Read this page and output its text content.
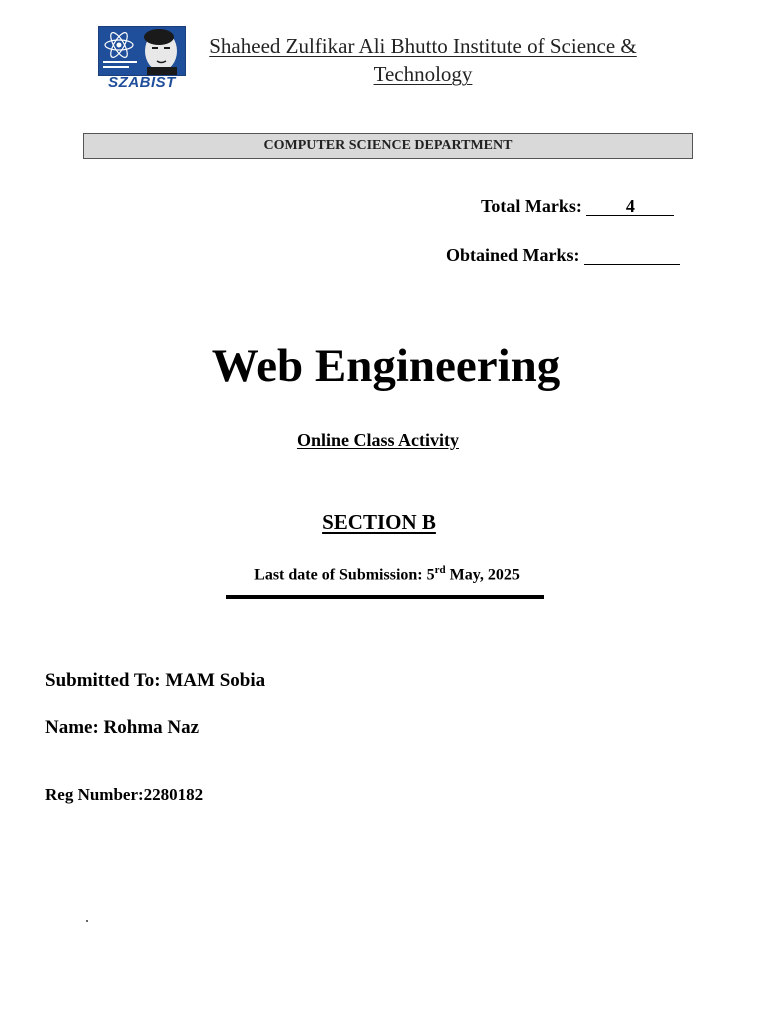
SZABIST
Shaheed Zulfikar Ali Bhutto Institute of Science &
Technology
COMPUTER SCIENCE DEPARTMENT
Total Marks: 4
Obtained Marks:
Web Engineering
Online Class Activity
SECTION B
Last date of Submission: 5rd May, 2025
Submitted To: MAM Sobia
Name: Rohma Naz
Reg Number:2280182
